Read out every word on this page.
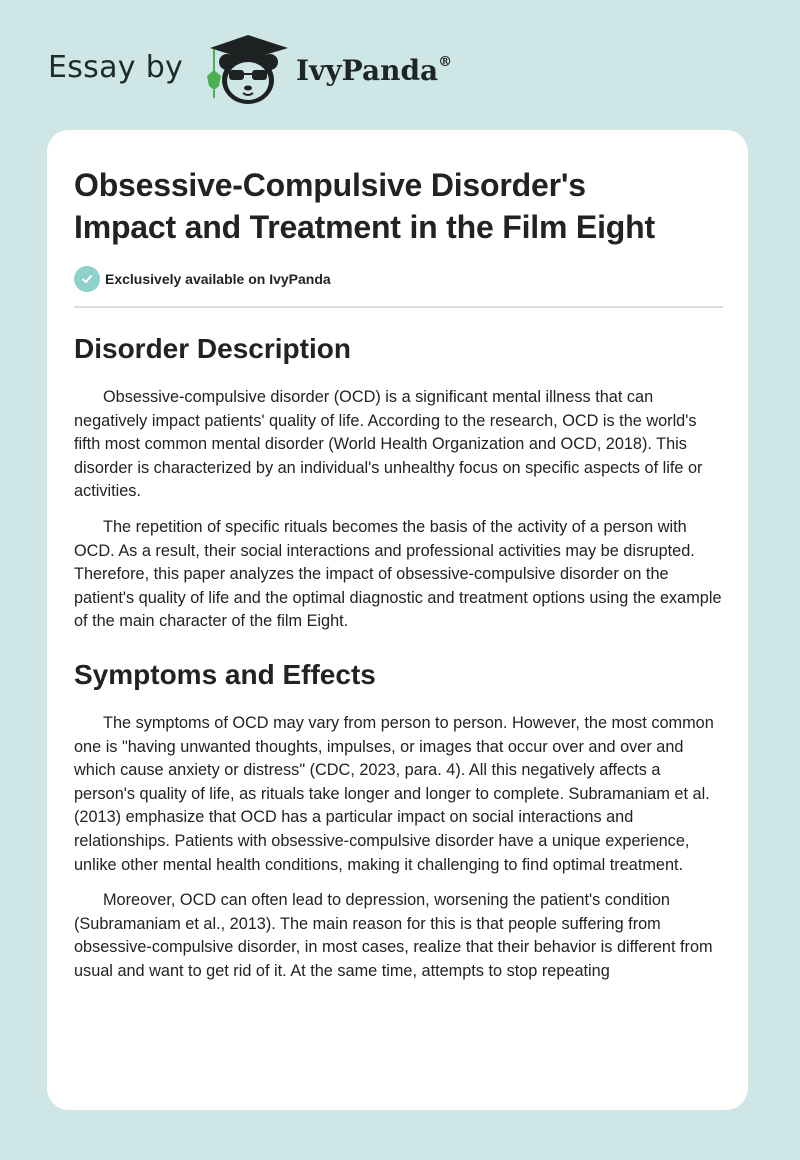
Essay by	IvyPanda®
Obsessive-Compulsive Disorder's
Impact and Treatment in the Film Eight
Exclusively available on IvyPanda
Disorder Description

Obsessive-compulsive disorder (OCD) is a significant mental illness that can negatively impact patients' quality of life. According to the research, OCD is the world's fifth most common mental disorder (World Health Organization and OCD, 2018). This disorder is characterized by an individual's unhealthy focus on specific aspects of life or activities.

The repetition of specific rituals becomes the basis of the activity of a person with OCD. As a result, their social interactions and professional activities may be disrupted. Therefore, this paper analyzes the impact of obsessive-compulsive disorder on the patient's quality of life and the optimal diagnostic and treatment options using the example of the main character of the film Eight.

Symptoms and Effects

The symptoms of OCD may vary from person to person. However, the most common one is "having unwanted thoughts, impulses, or images that occur over and over and which cause anxiety or distress" (CDC, 2023, para. 4). All this negatively affects a person's quality of life, as rituals take longer and longer to complete. Subramaniam et al. (2013) emphasize that OCD has a particular impact on social interactions and relationships. Patients with obsessive-compulsive disorder have a unique experience, unlike other mental health conditions, making it challenging to find optimal treatment.

Moreover, OCD can often lead to depression, worsening the patient's condition (Subramaniam et al., 2013). The main reason for this is that people suffering from obsessive-compulsive disorder, in most cases, realize that their behavior is different from usual and want to get rid of it. At the same time, attempts to stop repeating
